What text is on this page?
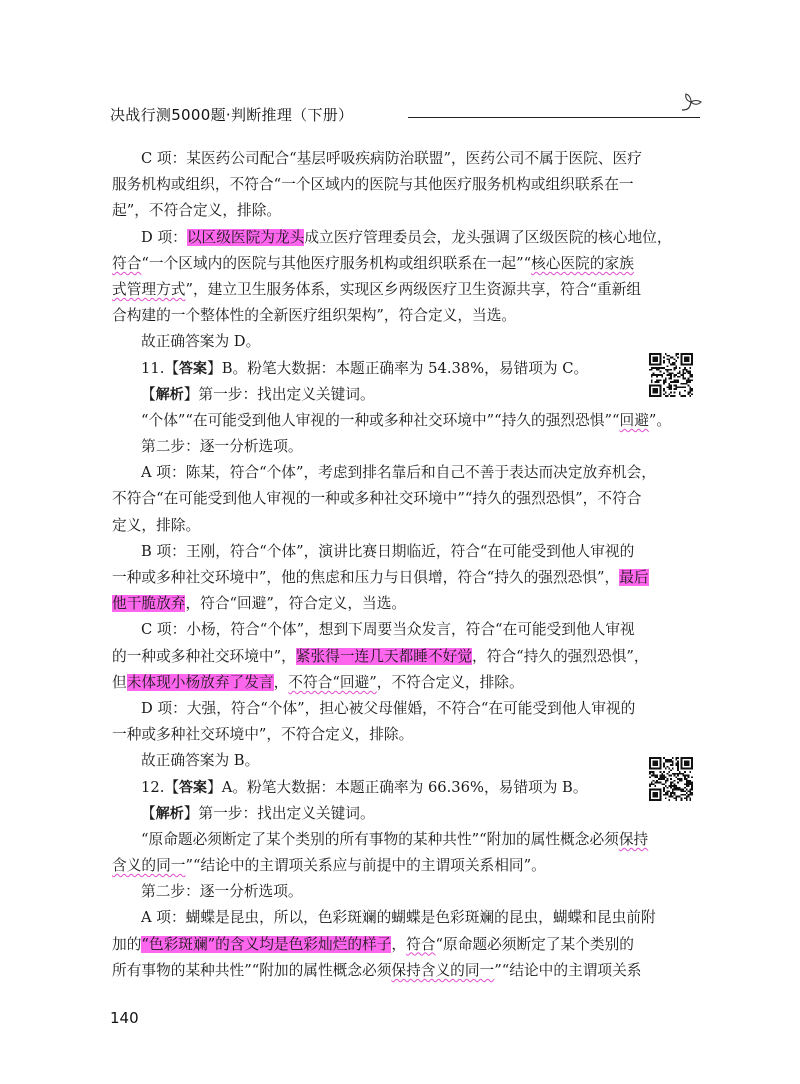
决战行测5000题·判断推理（下册）
C 项：某医药公司配合“基层呼吸疾病防治联盟”，医药公司不属于医院、医疗
服务机构或组织，不符合“一个区域内的医院与其他医疗服务机构或组织联系在一
起”，不符合定义，排除。
D 项：以区级医院为龙头成立医疗管理委员会，龙头强调了区级医院的核心地位，
符合“一个区域内的医院与其他医疗服务机构或组织联系在一起”“核心医院的家族
式管理方式”，建立卫生服务体系，实现区乡两级医疗卫生资源共享，符合“重新组
合构建的一个整体性的全新医疗组织架构”，符合定义，当选。
故正确答案为 D。
11.【答案】B。粉笔大数据：本题正确率为 54.38%，易错项为 C。
【解析】第一步：找出定义关键词。
“个体”“在可能受到他人审视的一种或多种社交环境中”“持久的强烈恐惧”“回避”。
第二步：逐一分析选项。
A 项：陈某，符合“个体”，考虑到排名靠后和自己不善于表达而决定放弃机会，
不符合“在可能受到他人审视的一种或多种社交环境中”“持久的强烈恐惧”，不符合
定义，排除。
B 项：王刚，符合“个体”，演讲比赛日期临近，符合“在可能受到他人审视的
一种或多种社交环境中”，他的焦虑和压力与日俱增，符合“持久的强烈恐惧”，最后
他干脆放弃，符合“回避”，符合定义，当选。
C 项：小杨，符合“个体”，想到下周要当众发言，符合“在可能受到他人审视
的一种或多种社交环境中”，紧张得一连几天都睡不好觉，符合“持久的强烈恐惧”，
但未体现小杨放弃了发言，不符合“回避”，不符合定义，排除。
D 项：大强，符合“个体”，担心被父母催婚，不符合“在可能受到他人审视的
一种或多种社交环境中”，不符合定义，排除。
故正确答案为 B。
12.【答案】A。粉笔大数据：本题正确率为 66.36%，易错项为 B。
【解析】第一步：找出定义关键词。
“原命题必须断定了某个类别的所有事物的某种共性”“附加的属性概念必须保持
含义的同一”“结论中的主谓项关系应与前提中的主谓项关系相同”。
第二步：逐一分析选项。
A 项：蝴蝶是昆虫，所以，色彩斑斓的蝴蝶是色彩斑斓的昆虫，蝴蝶和昆虫前附
加的“色彩斑斓”的含义均是色彩灿烂的样子，符合“原命题必须断定了某个类别的
所有事物的某种共性”“附加的属性概念必须保持含义的同一”“结论中的主谓项关系
140
